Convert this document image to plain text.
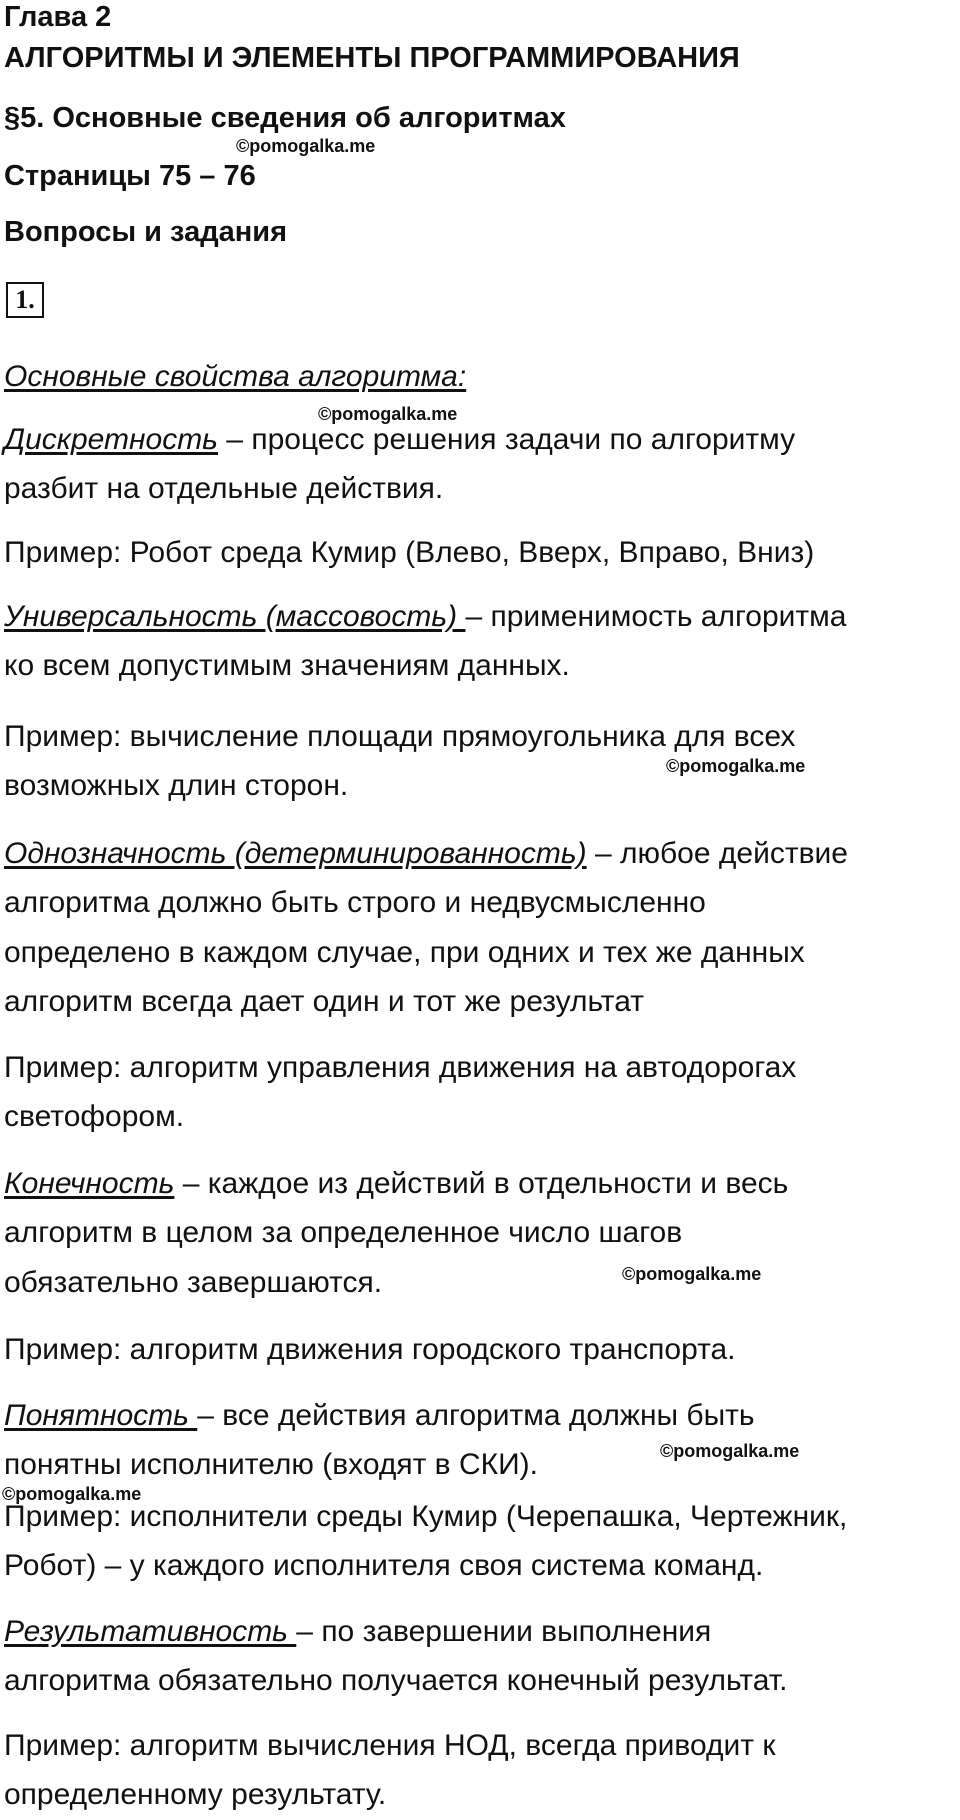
Глава 2
АЛГОРИТМЫ И ЭЛЕМЕНТЫ ПРОГРАММИРОВАНИЯ
§5. Основные сведения об алгоритмах
Страницы 75 – 76
Вопросы и задания
1.
Основные свойства алгоритма:
Дискретность – процесс решения задачи по алгоритму
разбит на отдельные действия.
Пример: Робот среда Кумир (Влево, Вверх, Вправо, Вниз)
Универсальность (массовость) – применимость алгоритма
ко всем допустимым значениям данных.
Пример: вычисление площади прямоугольника для всех
возможных длин сторон.
Однозначность (детерминированность) – любое действие
алгоритма должно быть строго и недвусмысленно
определено в каждом случае, при одних и тех же данных
алгоритм всегда дает один и тот же результат
Пример: алгоритм управления движения на автодорогах
светофором.
Конечность – каждое из действий в отдельности и весь
алгоритм в целом за определенное число шагов
обязательно завершаются.
Пример: алгоритм движения городского транспорта.
Понятность – все действия алгоритма должны быть
понятны исполнителю (входят в СКИ).
Пример: исполнители среды Кумир (Черепашка, Чертежник,
Робот) – у каждого исполнителя своя система команд.
Результативность – по завершении выполнения
алгоритма обязательно получается конечный результат.
Пример: алгоритм вычисления НОД, всегда приводит к
определенному результату.
©pomogalka.me
©pomogalka.me
©pomogalka.me
©pomogalka.me
©pomogalka.me
©pomogalka.me
